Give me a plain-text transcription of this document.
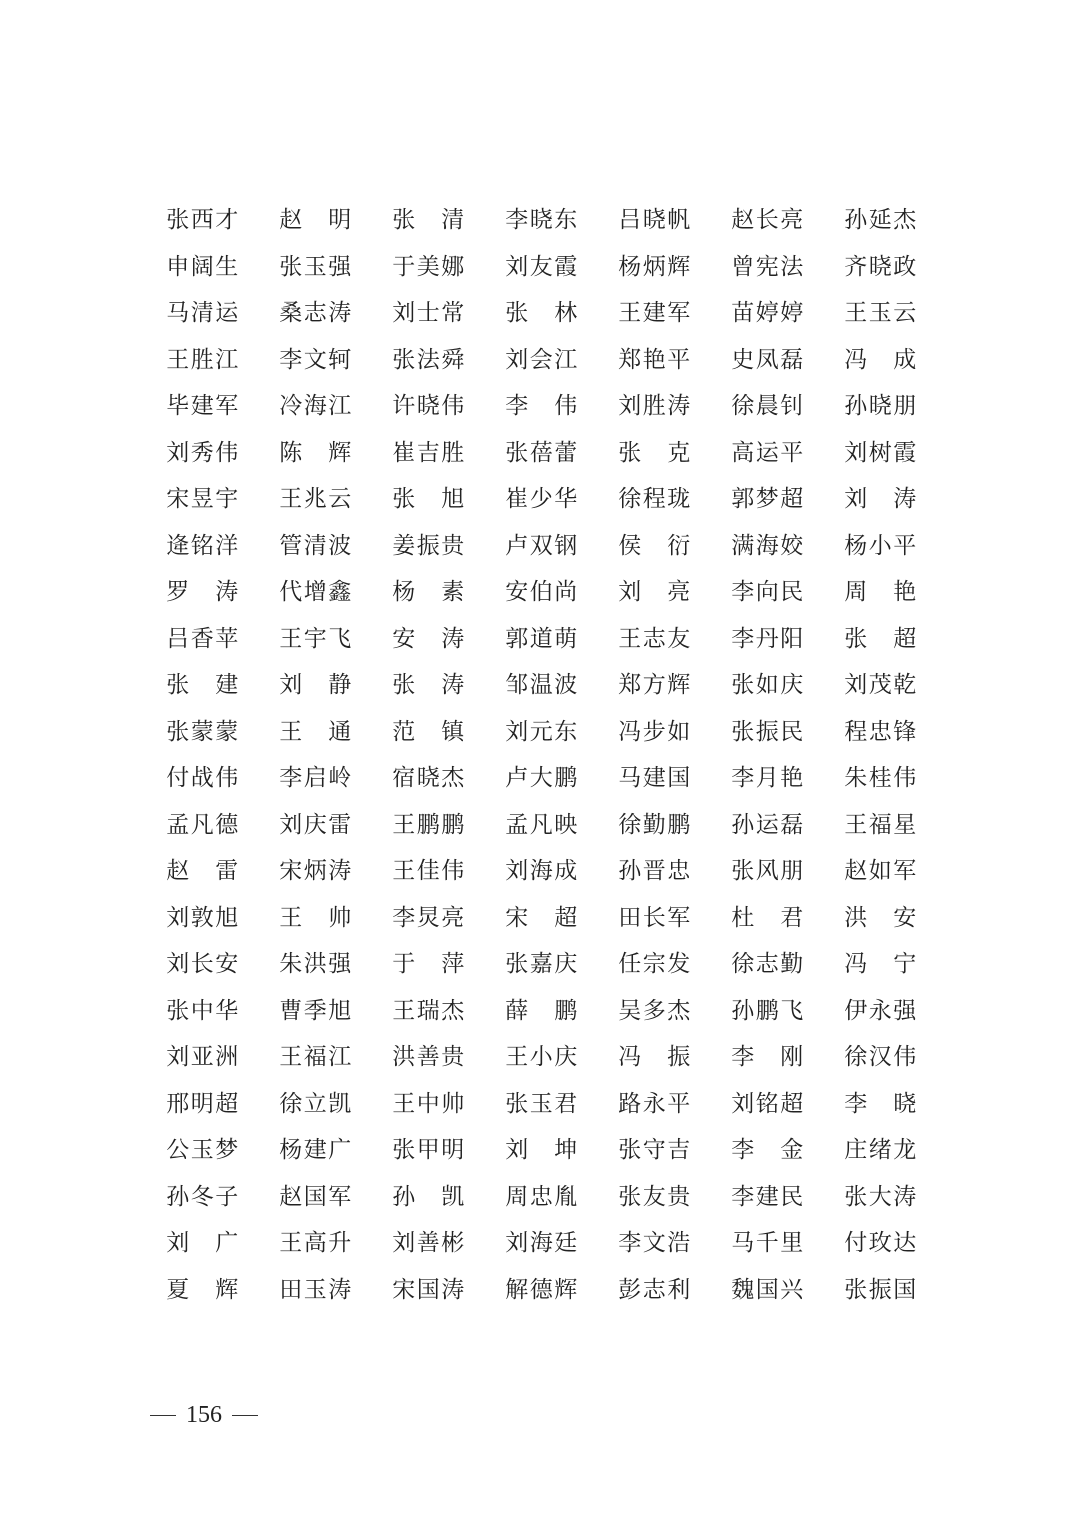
张西才	赵 明	张 清	李晓东	吕晓帆	赵长亮	孙延杰
申阔生	张玉强	于美娜	刘友霞	杨炳辉	曾宪法	齐晓政
马清运	桑志涛	刘士常	张 林	王建军	苗婷婷	王玉云
王胜江	李文轲	张法舜	刘会江	郑艳平	史凤磊	冯 成
毕建军	冷海江	许晓伟	李 伟	刘胜涛	徐晨钊	孙晓朋
刘秀伟	陈 辉	崔吉胜	张蓓蕾	张 克	高运平	刘树霞
宋昱宇	王兆云	张 旭	崔少华	徐程珑	郭梦超	刘 涛
逄铭洋	管清波	姜振贵	卢双钢	侯 衍	满海姣	杨小平
罗 涛	代增鑫	杨 素	安伯尚	刘 亮	李向民	周 艳
吕香苹	王宇飞	安 涛	郭道萌	王志友	李丹阳	张 超
张 建	刘 静	张 涛	邹温波	郑方辉	张如庆	刘茂乾
张蒙蒙	王 通	范 镇	刘元东	冯步如	张振民	程忠锋
付战伟	李启岭	宿晓杰	卢大鹏	马建国	李月艳	朱桂伟
孟凡德	刘庆雷	王鹏鹏	孟凡映	徐勤鹏	孙运磊	王福星
赵 雷	宋炳涛	王佳伟	刘海成	孙晋忠	张风朋	赵如军
刘敦旭	王 帅	李炅亮	宋 超	田长军	杜 君	洪 安
刘长安	朱洪强	于 萍	张嘉庆	任宗发	徐志勤	冯 宁
张中华	曹季旭	王瑞杰	薛 鹏	吴多杰	孙鹏飞	伊永强
刘亚洲	王福江	洪善贵	王小庆	冯 振	李 刚	徐汉伟
邢明超	徐立凯	王中帅	张玉君	路永平	刘铭超	李 晓
公玉梦	杨建广	张甲明	刘 坤	张守吉	李 金	庄绪龙
孙冬子	赵国军	孙 凯	周忠胤	张友贵	李建民	张大涛
刘 广	王高升	刘善彬	刘海廷	李文浩	马千里	付玫达
夏 辉	田玉涛	宋国涛	解德辉	彭志利	魏国兴	张振国
156
